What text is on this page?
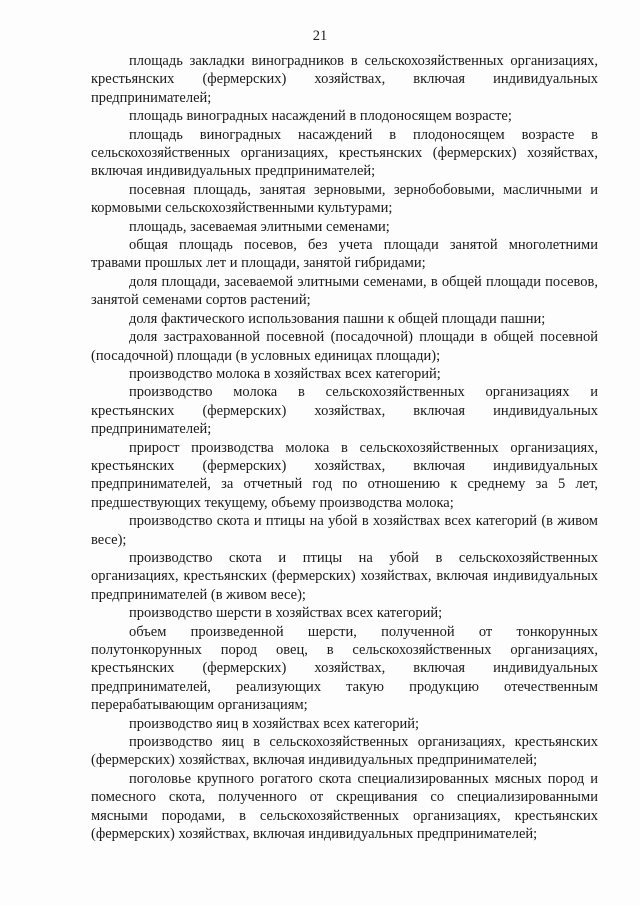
21

площадь закладки виноградников в сельскохозяйственных организациях, крестьянских (фермерских) хозяйствах, включая индивидуальных предпринимателей;

площадь виноградных насаждений в плодоносящем возрасте;

площадь виноградных насаждений в плодоносящем возрасте в сельскохозяйственных организациях, крестьянских (фермерских) хозяйствах, включая индивидуальных предпринимателей;

посевная площадь, занятая зерновыми, зернобобовыми, масличными и кормовыми сельскохозяйственными культурами;

площадь, засеваемая элитными семенами;

общая площадь посевов, без учета площади занятой многолетними травами прошлых лет и площади, занятой гибридами;

доля площади, засеваемой элитными семенами, в общей площади посевов, занятой семенами сортов растений;

доля фактического использования пашни к общей площади пашни;

доля застрахованной посевной (посадочной) площади в общей посевной (посадочной) площади (в условных единицах площади);

производство молока в хозяйствах всех категорий;

производство молока в сельскохозяйственных организациях и крестьянских (фермерских) хозяйствах, включая индивидуальных предпринимателей;

прирост производства молока в сельскохозяйственных организациях, крестьянских (фермерских) хозяйствах, включая индивидуальных предпринимателей, за отчетный год по отношению к среднему за 5 лет, предшествующих текущему, объему производства молока;

производство скота и птицы на убой в хозяйствах всех категорий (в живом весе);

производство скота и птицы на убой в сельскохозяйственных организациях, крестьянских (фермерских) хозяйствах, включая индивидуальных предпринимателей (в живом весе);

производство шерсти в хозяйствах всех категорий;

объем произведенной шерсти, полученной от тонкорунных полутонкорунных пород овец, в сельскохозяйственных организациях, крестьянских (фермерских) хозяйствах, включая индивидуальных предпринимателей, реализующих такую продукцию отечественным перерабатывающим организациям;

производство яиц в хозяйствах всех категорий;

производство яиц в сельскохозяйственных организациях, крестьянских (фермерских) хозяйствах, включая индивидуальных предпринимателей;

поголовье крупного рогатого скота специализированных мясных пород и помесного скота, полученного от скрещивания со специализированными мясными породами, в сельскохозяйственных организациях, крестьянских (фермерских) хозяйствах, включая индивидуальных предпринимателей;
